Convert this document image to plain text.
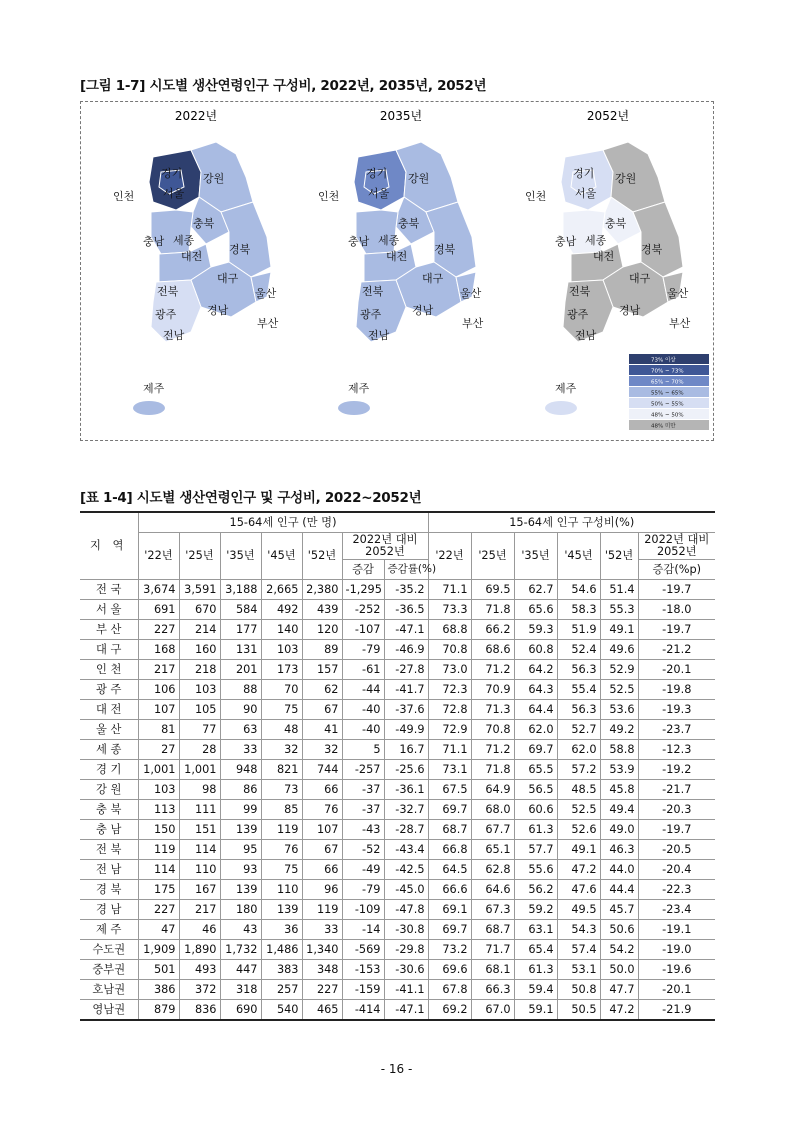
[그림 1-7] 시도별 생산연령인구 구성비, 2022년, 2035년, 2052년
2022년
경기
서울
강원
인천
충북
충남 세종
대전
경북
대구
전북	울산
광주	경남
부산
전남
제주
2035년
경기
서울
강원
인천
충북
충남 세종
대전
경북
대구
전북	울산
광주	경남
부산
전남
제주
2052년
경기
서울
강원
인천
충북
충남 세종
대전
경북
대구
전북	울산
광주	경남
부산
전남
제주
73% 이상
70% ~ 73%
65% ~ 70%
55% ~ 65%
50% ~ 55%
48% ~ 50%
48% 미만
[표 1-4] 시도별 생산연령인구 및 구성비, 2022~2052년
지 역	15-64세 인구 (만 명)							15-64세 인구 구성비(%)					
	'22년	'25년	'35년	'45년	'52년	2022년 대비 2052년		'22년	'25년	'35년	'45년	'52년	2022년 대비 2052년
						증감	증감률(%)						증감(%p)
전 국	3,674	3,591	3,188	2,665	2,380	-1,295	-35.2	71.1	69.5	62.7	54.6	51.4	-19.7
서 울	691	670	584	492	439	-252	-36.5	73.3	71.8	65.6	58.3	55.3	-18.0
부 산	227	214	177	140	120	-107	-47.1	68.8	66.2	59.3	51.9	49.1	-19.7
대 구	168	160	131	103	89	-79	-46.9	70.8	68.6	60.8	52.4	49.6	-21.2
인 천	217	218	201	173	157	-61	-27.8	73.0	71.2	64.2	56.3	52.9	-20.1
광 주	106	103	88	70	62	-44	-41.7	72.3	70.9	64.3	55.4	52.5	-19.8
대 전	107	105	90	75	67	-40	-37.6	72.8	71.3	64.4	56.3	53.6	-19.3
울 산	81	77	63	48	41	-40	-49.9	72.9	70.8	62.0	52.7	49.2	-23.7
세 종	27	28	33	32	32	5	16.7	71.1	71.2	69.7	62.0	58.8	-12.3
경 기	1,001	1,001	948	821	744	-257	-25.6	73.1	71.8	65.5	57.2	53.9	-19.2
강 원	103	98	86	73	66	-37	-36.1	67.5	64.9	56.5	48.5	45.8	-21.7
충 북	113	111	99	85	76	-37	-32.7	69.7	68.0	60.6	52.5	49.4	-20.3
충 남	150	151	139	119	107	-43	-28.7	68.7	67.7	61.3	52.6	49.0	-19.7
전 북	119	114	95	76	67	-52	-43.4	66.8	65.1	57.7	49.1	46.3	-20.5
전 남	114	110	93	75	66	-49	-42.5	64.5	62.8	55.6	47.2	44.0	-20.4
경 북	175	167	139	110	96	-79	-45.0	66.6	64.6	56.2	47.6	44.4	-22.3
경 남	227	217	180	139	119	-109	-47.8	69.1	67.3	59.2	49.5	45.7	-23.4
제 주	47	46	43	36	33	-14	-30.8	69.7	68.7	63.1	54.3	50.6	-19.1
수도권	1,909	1,890	1,732	1,486	1,340	-569	-29.8	73.2	71.7	65.4	57.4	54.2	-19.0
중부권	501	493	447	383	348	-153	-30.6	69.6	68.1	61.3	53.1	50.0	-19.6
호남권	386	372	318	257	227	-159	-41.1	67.8	66.3	59.4	50.8	47.7	-20.1
영남권	879	836	690	540	465	-414	-47.1	69.2	67.0	59.1	50.5	47.2	-21.9
- 16 -
